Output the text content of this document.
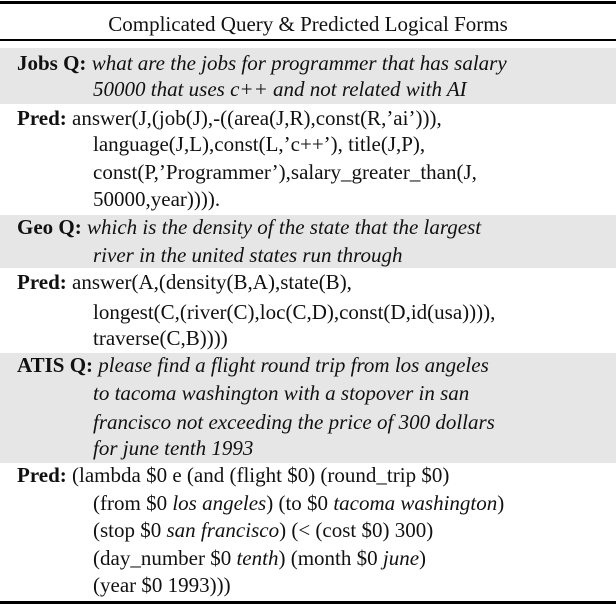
Complicated Query & Predicted Logical Forms
Jobs Q: what are the jobs for programmer that has salary
50000 that uses c++ and not related with AI
Pred: answer(J,(job(J),-((area(J,R),const(R,’ai’))),
language(J,L),const(L,’c++’), title(J,P),
const(P,’Programmer’),salary_greater_than(J,
50000,year)))).
Geo Q: which is the density of the state that the largest
river in the united states run through
Pred: answer(A,(density(B,A),state(B),
longest(C,(river(C),loc(C,D),const(D,id(usa)))),
traverse(C,B))))
ATIS Q: please find a flight round trip from los angeles
to tacoma washington with a stopover in san
francisco not exceeding the price of 300 dollars
for june tenth 1993
Pred: (lambda $0 e (and (flight $0) (round_trip $0)
(from $0 los angeles) (to $0 tacoma washington)
(stop $0 san francisco) (< (cost $0) 300)
(day_number $0 tenth) (month $0 june)
(year $0 1993)))
